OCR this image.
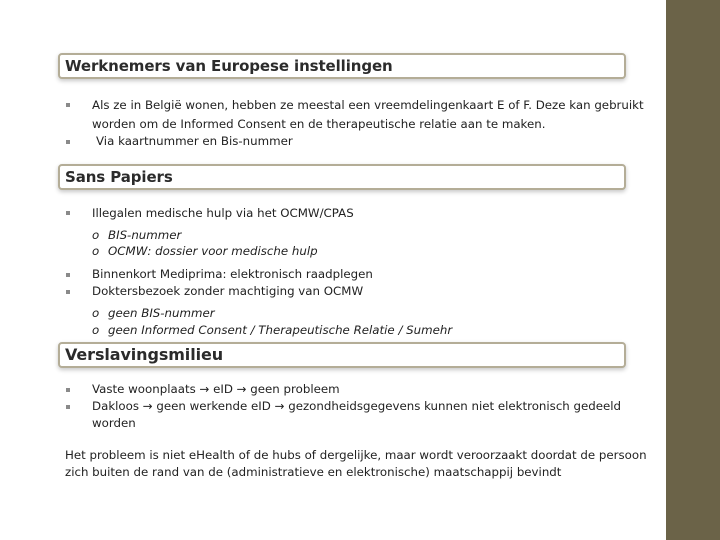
Werknemers van Europese instellingen
Als ze in België wonen, hebben ze meestal een vreemdelingenkaart E of F. Deze kan gebruikt
worden om de Informed Consent en de therapeutische relatie aan te maken.
Via kaartnummer en Bis-nummer
Sans Papiers
Illegalen medische hulp via het OCMW/CPAS
o BIS-nummer
o OCMW: dossier voor medische hulp
Binnenkort Mediprima: elektronisch raadplegen
Doktersbezoek zonder machtiging van OCMW
o geen BIS-nummer
o geen Informed Consent / Therapeutische Relatie / Sumehr
Verslavingsmilieu
Vaste woonplaats → eID → geen probleem
Dakloos → geen werkende eID → gezondheidsgegevens kunnen niet elektronisch gedeeld
worden
Het probleem is niet eHealth of de hubs of dergelijke, maar wordt veroorzaakt doordat de persoon
zich buiten de rand van de (administratieve en elektronische) maatschappij bevindt
